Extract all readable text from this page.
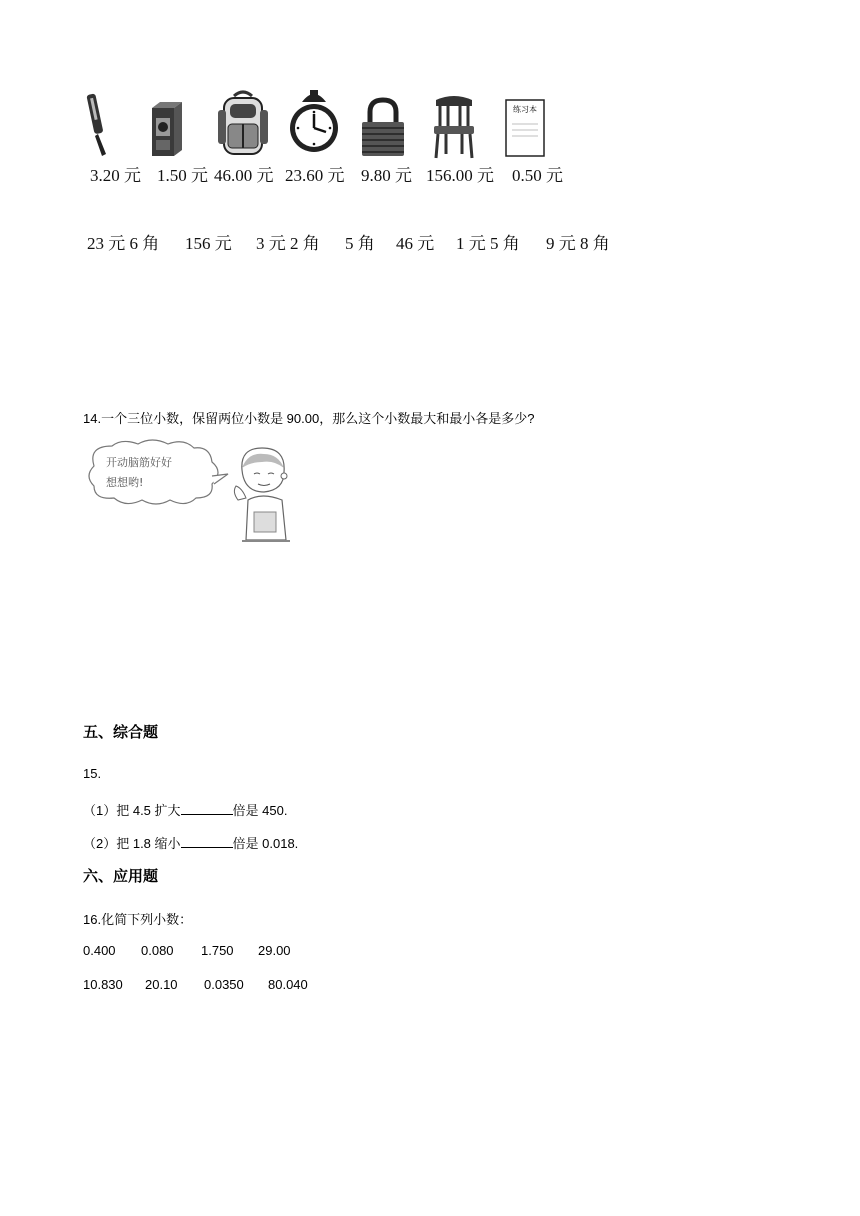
练习本
3.20 元 1.50 元 46.00 元 23.60 元 9.80 元 156.00 元 0.50 元
23 元 6 角 156 元 3 元 2 角 5 角 46 元 1 元 5 角 9 元 8 角
14.一个三位小数，保留两位小数是 90.00，那么这个小数最大和最小各是多少?
开动脑筋好好
想想哟!
五、综合题
15.
（1）把 4.5 扩大	倍是 450.
（2）把 1.8 缩小	倍是 0.018.
六、应用题
16.化简下列小数：
0.400 0.080 1.750 29.00
10.830 20.10 0.0350 80.040
